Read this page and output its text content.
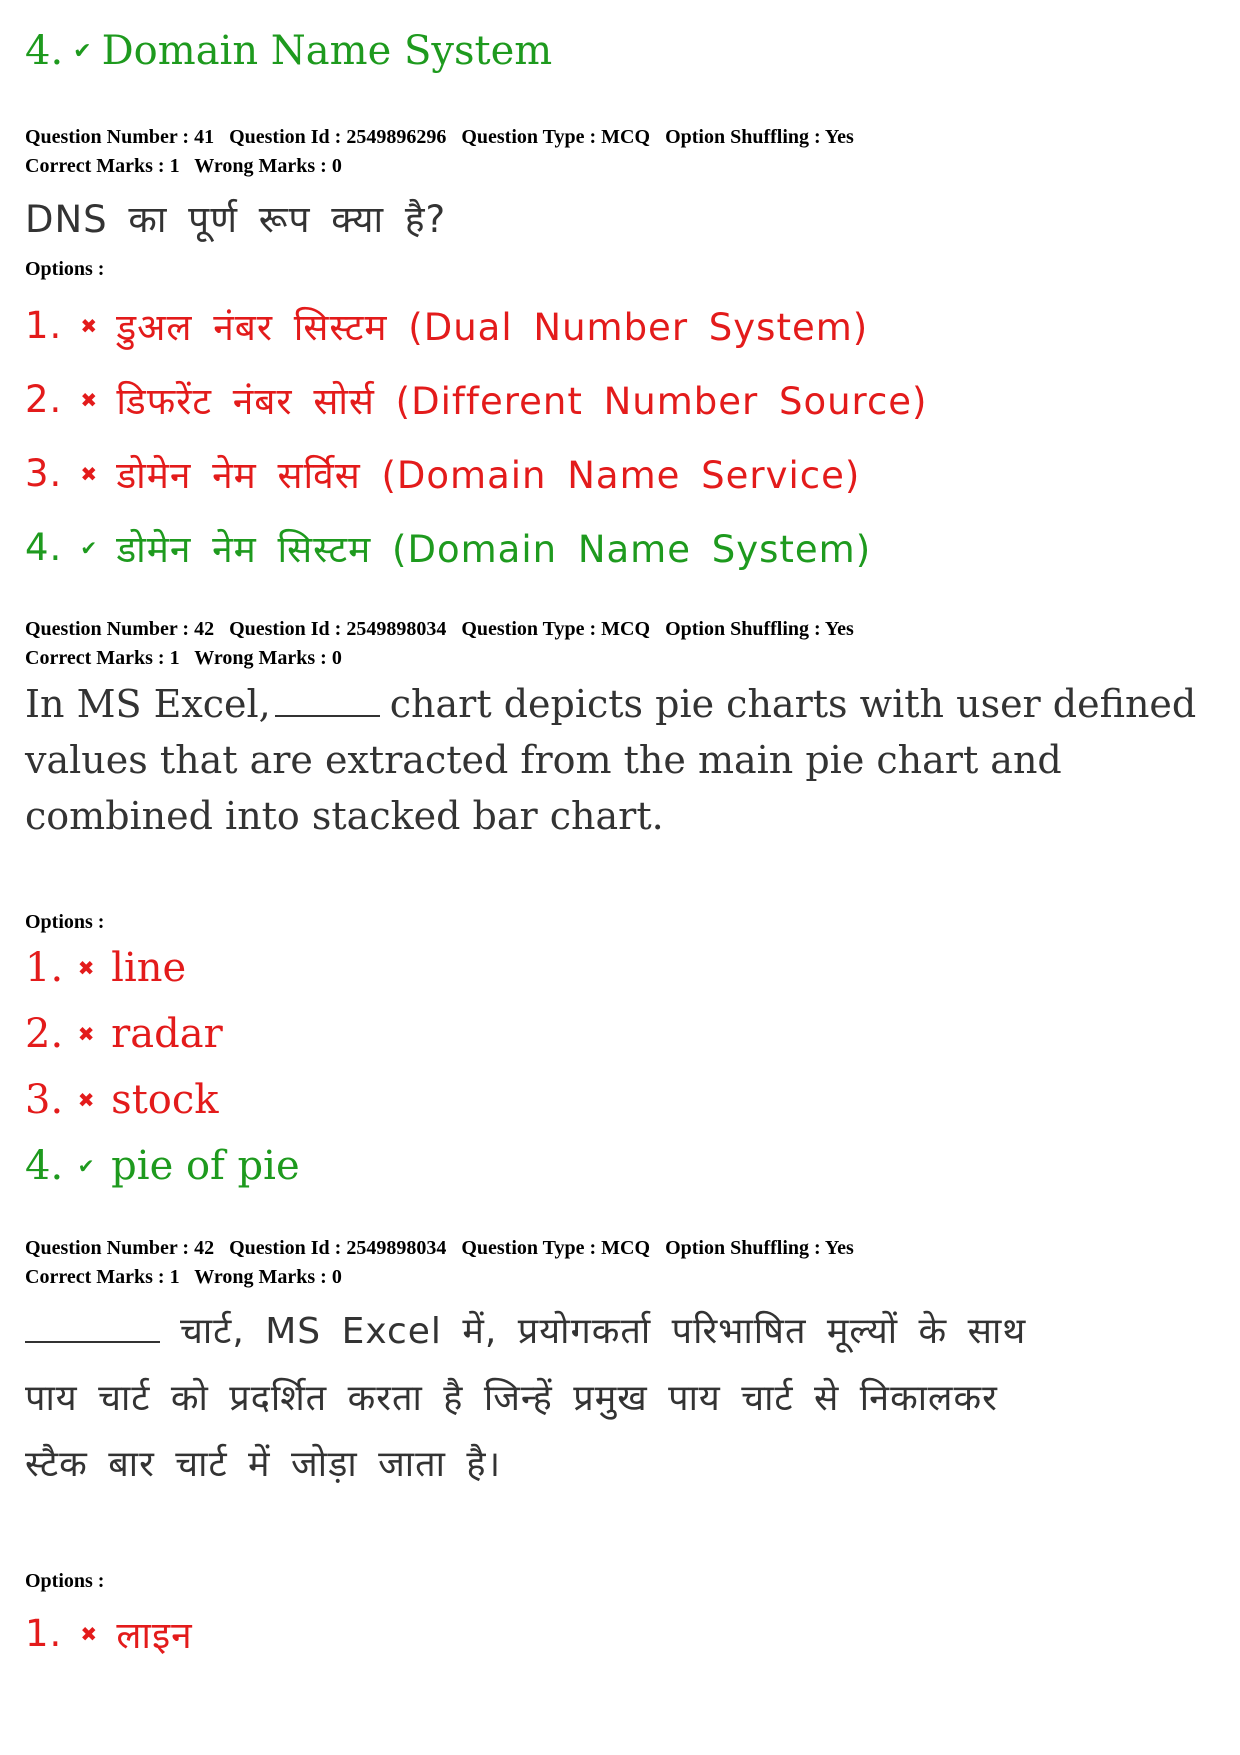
4. ✔ Domain Name System
Question Number : 41 Question Id : 2549896296 Question Type : MCQ Option Shuffling : Yes
Correct Marks : 1 Wrong Marks : 0
DNS का पूर्ण रूप क्या है?
Options :
1. ✖ डुअल नंबर सिस्टम (Dual Number System)
2. ✖ डिफरेंट नंबर सोर्स (Different Number Source)
3. ✖ डोमेन नेम सर्विस (Domain Name Service)
4. ✔ डोमेन नेम सिस्टम (Domain Name System)
Question Number : 42 Question Id : 2549898034 Question Type : MCQ Option Shuffling : Yes
Correct Marks : 1 Wrong Marks : 0
In MS Excel,	chart depicts pie charts with user defined
values that are extracted from the main pie chart and
combined into stacked bar chart.
Options :
1. ✖ line
2. ✖ radar
3. ✖ stock
4. ✔ pie of pie
Question Number : 42 Question Id : 2549898034 Question Type : MCQ Option Shuffling : Yes
Correct Marks : 1 Wrong Marks : 0
चार्ट, MS Excel में, प्रयोगकर्ता परिभाषित मूल्यों के साथ
पाय चार्ट को प्रदर्शित करता है जिन्हें प्रमुख पाय चार्ट से निकालकर
स्टैक बार चार्ट में जोड़ा जाता है।
Options :
1. ✖ लाइन
